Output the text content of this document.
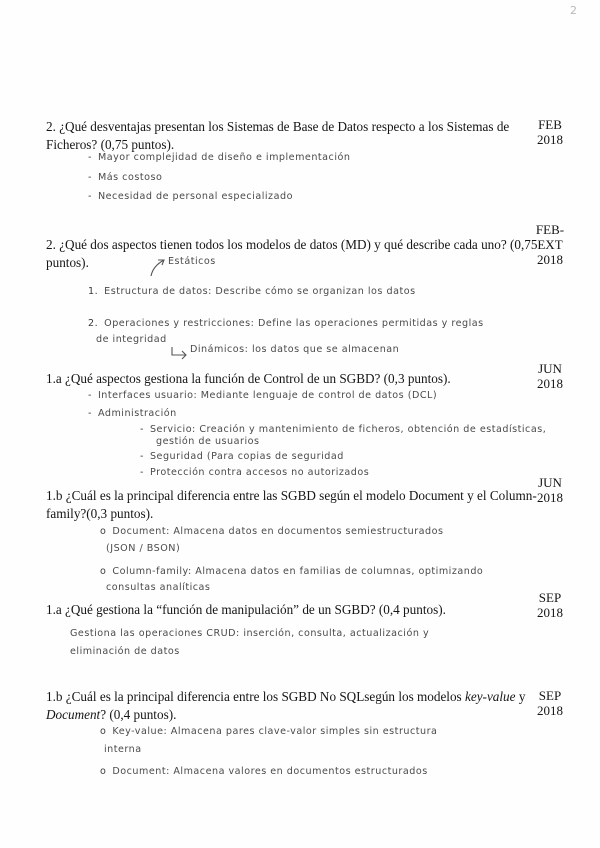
2
2. ¿Qué desventajas presentan los Sistemas de Base de Datos respecto a los Sistemas de
Ficheros? (0,75 puntos).
FEB
2018
- Mayor complejidad de diseño e implementación
- Más costoso
- Necesidad de personal especializado
2. ¿Qué dos aspectos tienen todos los modelos de datos (MD) y qué describe cada uno? (0,75
puntos).
FEB-
EXT
2018
Estáticos
1. Estructura de datos: Describe cómo se organizan los datos
2. Operaciones y restricciones: Define las operaciones permitidas y reglas
de integridad
Dinámicos: los datos que se almacenan
1.a ¿Qué aspectos gestiona la función de Control de un SGBD? (0,3 puntos).
JUN
2018
- Interfaces usuario: Mediante lenguaje de control de datos (DCL)
- Administración
- Servicio: Creación y mantenimiento de ficheros, obtención de estadísticas,
gestión de usuarios
- Seguridad (Para copias de seguridad
- Protección contra accesos no autorizados
1.b ¿Cuál es la principal diferencia entre las SGBD según el modelo Document y el Column-
family?(0,3 puntos).
JUN
2018
o Document: Almacena datos en documentos semiestructurados
(JSON / BSON)
o Column-family: Almacena datos en familias de columnas, optimizando
consultas analíticas
1.a ¿Qué gestiona la “función de manipulación” de un SGBD? (0,4 puntos).
SEP
2018
Gestiona las operaciones CRUD: inserción, consulta, actualización y
eliminación de datos
1.b ¿Cuál es la principal diferencia entre los SGBD No SQLsegún los modelos key-value y
Document? (0,4 puntos).
SEP
2018
o Key-value: Almacena pares clave-valor simples sin estructura
interna
o Document: Almacena valores en documentos estructurados
